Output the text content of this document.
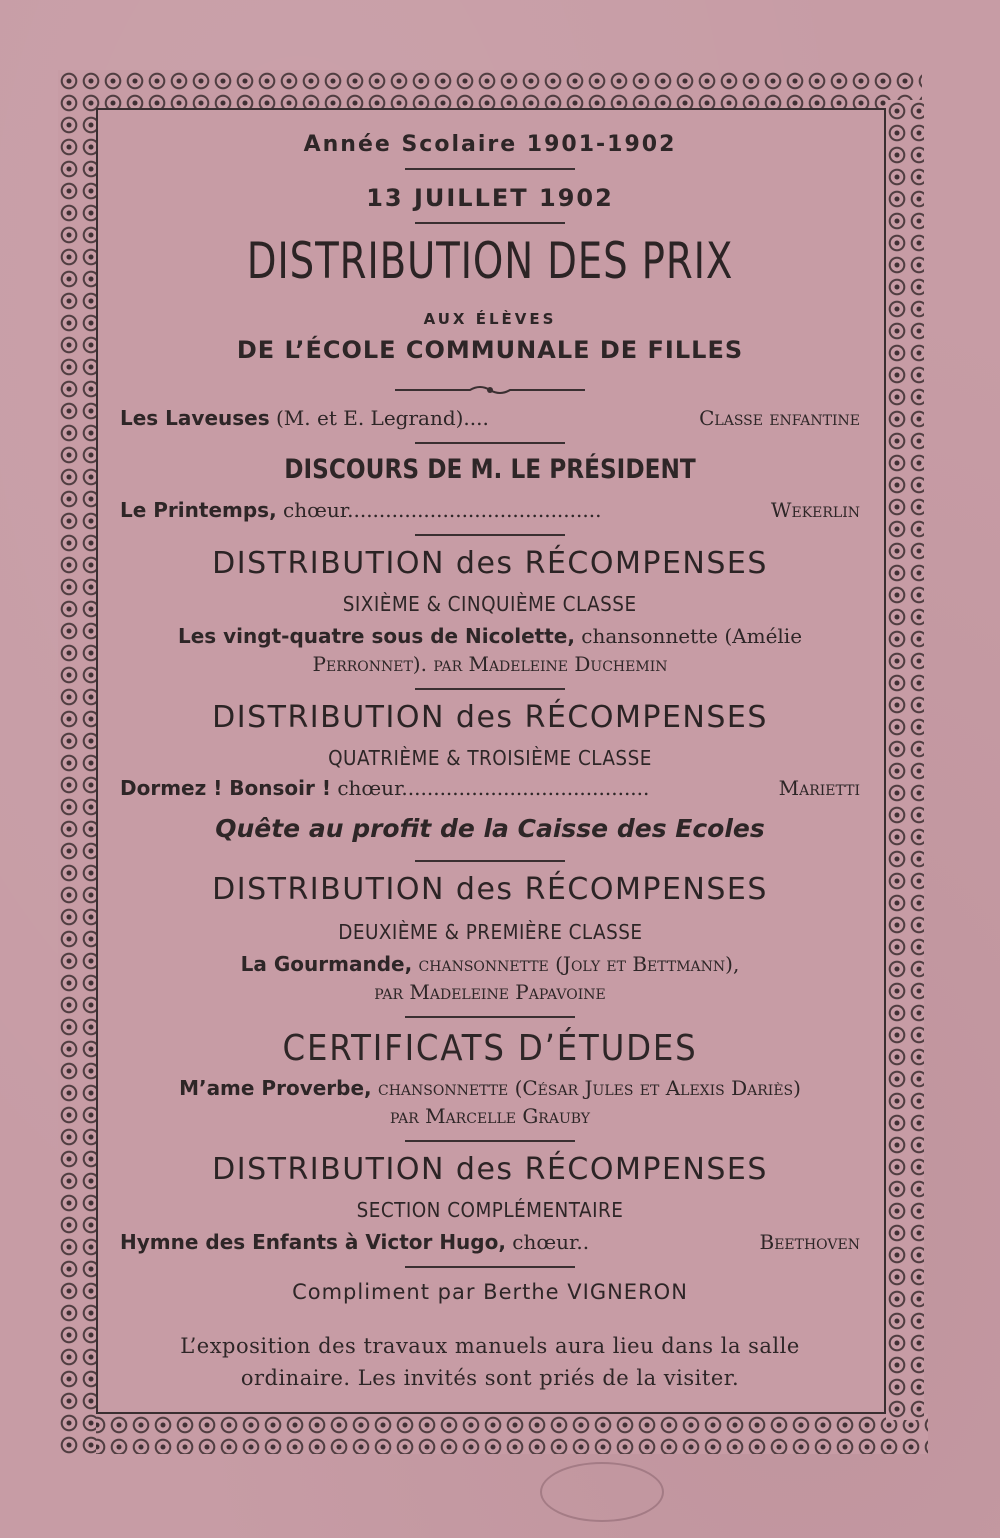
Année Scolaire 1901-1902
13 JUILLET 1902
DISTRIBUTION DES PRIX
AUX ÉLÈVES
DE L’ÉCOLE COMMUNALE DE FILLES
Les Laveuses (M. et E. Legrand)....	Classe enfantine
DISCOURS DE M. LE PRÉSIDENT
Le Printemps, chœur........................................	Wekerlin
DISTRIBUTION des RÉCOMPENSES
SIXIÈME & CINQUIÈME CLASSE
Les vingt-quatre sous de Nicolette, chansonnette (Amélie
Perronnet). par Madeleine Duchemin
DISTRIBUTION des RÉCOMPENSES
QUATRIÈME & TROISIÈME CLASSE
Dormez ! Bonsoir ! chœur.......................................	Marietti
Quête au profit de la Caisse des Ecoles
DISTRIBUTION des RÉCOMPENSES
DEUXIÈME & PREMIÈRE CLASSE
La Gourmande, chansonnette (Joly et Bettmann),
par Madeleine Papavoine
CERTIFICATS D’ÉTUDES
M’ame Proverbe, chansonnette (César Jules et Alexis Dariès)
par Marcelle Grauby
DISTRIBUTION des RÉCOMPENSES
SECTION COMPLÉMENTAIRE
Hymne des Enfants à Victor Hugo, chœur..	Beethoven
Compliment par Berthe VIGNERON
L’exposition des travaux manuels aura lieu dans la salle
ordinaire. Les invités sont priés de la visiter.
